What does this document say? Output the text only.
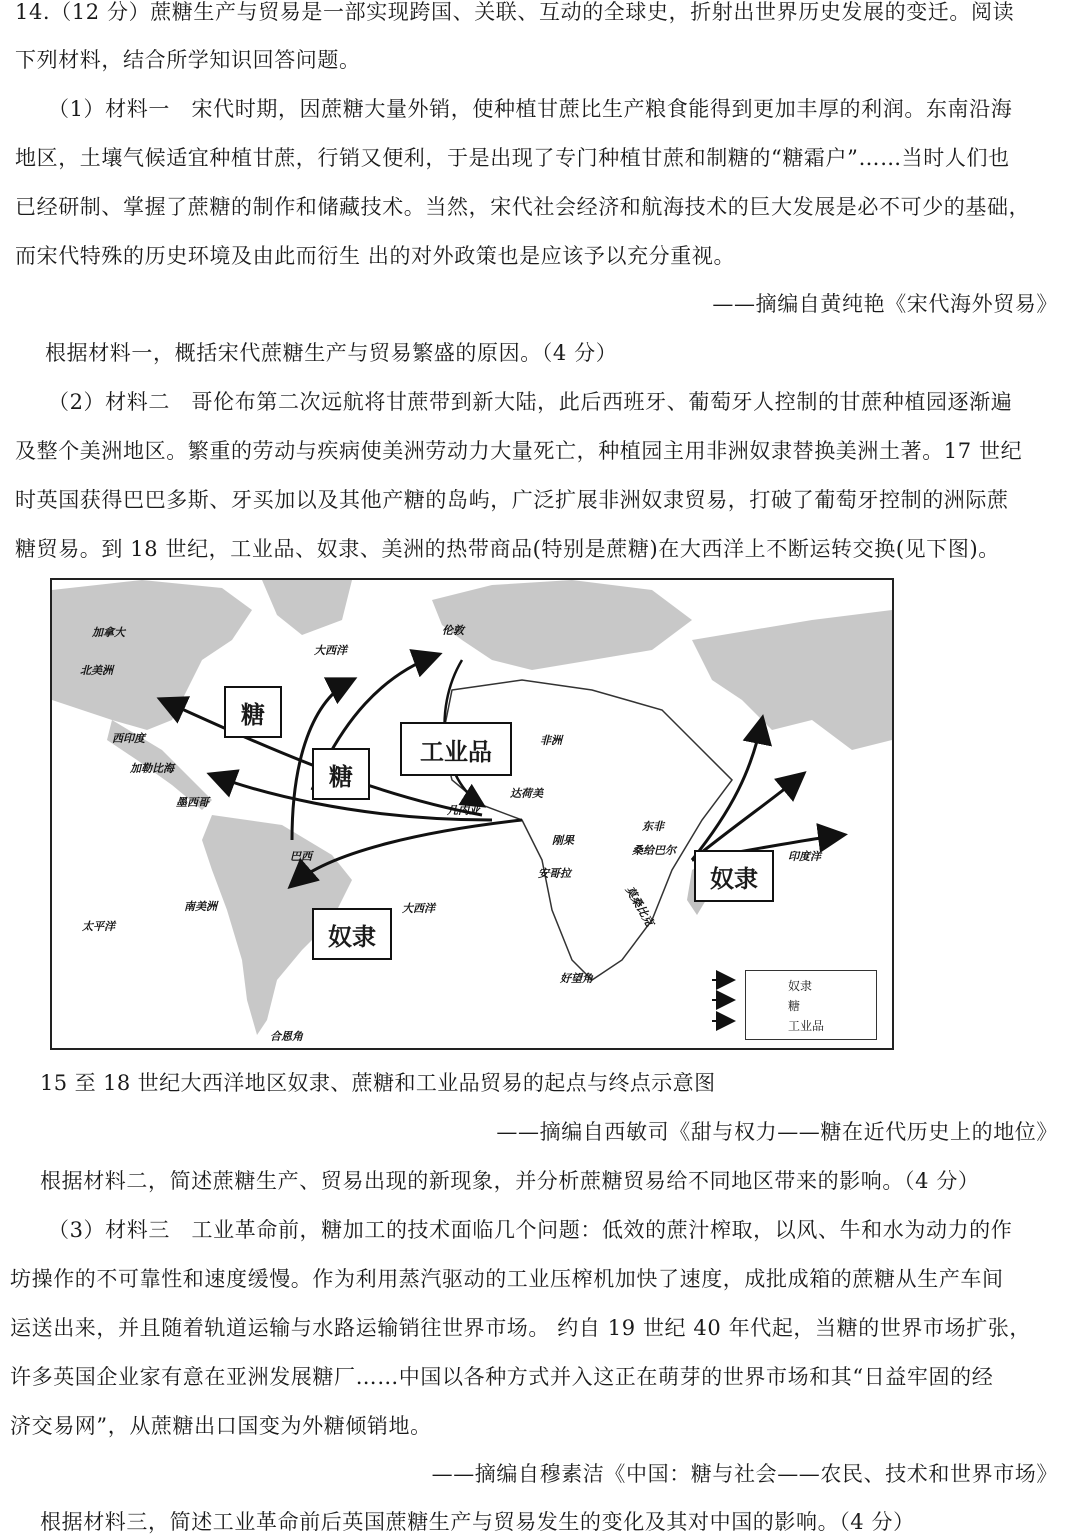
14.（12 分）蔗糖生产与贸易是一部实现跨国、关联、互动的全球史，折射出世界历史发展的变迁。阅读
下列材料，结合所学知识回答问题。
（1）材料一　宋代时期，因蔗糖大量外销，使种植甘蔗比生产粮食能得到更加丰厚的利润。东南沿海
地区，土壤气候适宜种植甘蔗，行销又便利，于是出现了专门种植甘蔗和制糖的“糖霜户”……当时人们也
已经研制、掌握了蔗糖的制作和储藏技术。当然，宋代社会经济和航海技术的巨大发展是必不可少的基础，
而宋代特殊的历史环境及由此而衍生 出的对外政策也是应该予以充分重视。
——摘编自黄纯艳《宋代海外贸易》
根据材料一，概括宋代蔗糖生产与贸易繁盛的原因。（4 分）
（2）材料二　哥伦布第二次远航将甘蔗带到新大陆，此后西班牙、葡萄牙人控制的甘蔗种植园逐渐遍
及整个美洲地区。繁重的劳动与疾病使美洲劳动力大量死亡，种植园主用非洲奴隶替换美洲土著。17 世纪
时英国获得巴巴多斯、牙买加以及其他产糖的岛屿，广泛扩展非洲奴隶贸易，打破了葡萄牙控制的洲际蔗
糖贸易。到 18 世纪，工业品、奴隶、美洲的热带商品(特别是蔗糖)在大西洋上不断运转交换(见下图)。
加拿大
北美洲
大西洋
伦敦
非洲
加勒比海
西印度
墨西哥
几内亚
达荷美
巴西
南美洲
太平洋
大西洋
刚果
安哥拉
东非
桑给巴尔
莫桑比克
印度洋
好望角
合恩角
糖
糖
工业品
奴隶
奴隶
奴隶
糖
工业品
15 至 18 世纪大西洋地区奴隶、蔗糖和工业品贸易的起点与终点示意图
——摘编自西敏司《甜与权力——糖在近代历史上的地位》
根据材料二，简述蔗糖生产、贸易出现的新现象，并分析蔗糖贸易给不同地区带来的影响。（4 分）
（3）材料三　工业革命前，糖加工的技术面临几个问题：低效的蔗汁榨取，以风、牛和水为动力的作
坊操作的不可靠性和速度缓慢。作为利用蒸汽驱动的工业压榨机加快了速度，成批成箱的蔗糖从生产车间
运送出来，并且随着轨道运输与水路运输销往世界市场。 约自 19 世纪 40 年代起，当糖的世界市场扩张，
许多英国企业家有意在亚洲发展糖厂……中国以各种方式并入这正在萌芽的世界市场和其“日益牢固的经
济交易网”，从蔗糖出口国变为外糖倾销地。
——摘编自穆素洁《中国：糖与社会——农民、技术和世界市场》
根据材料三，简述工业革命前后英国蔗糖生产与贸易发生的变化及其对中国的影响。（4 分）
